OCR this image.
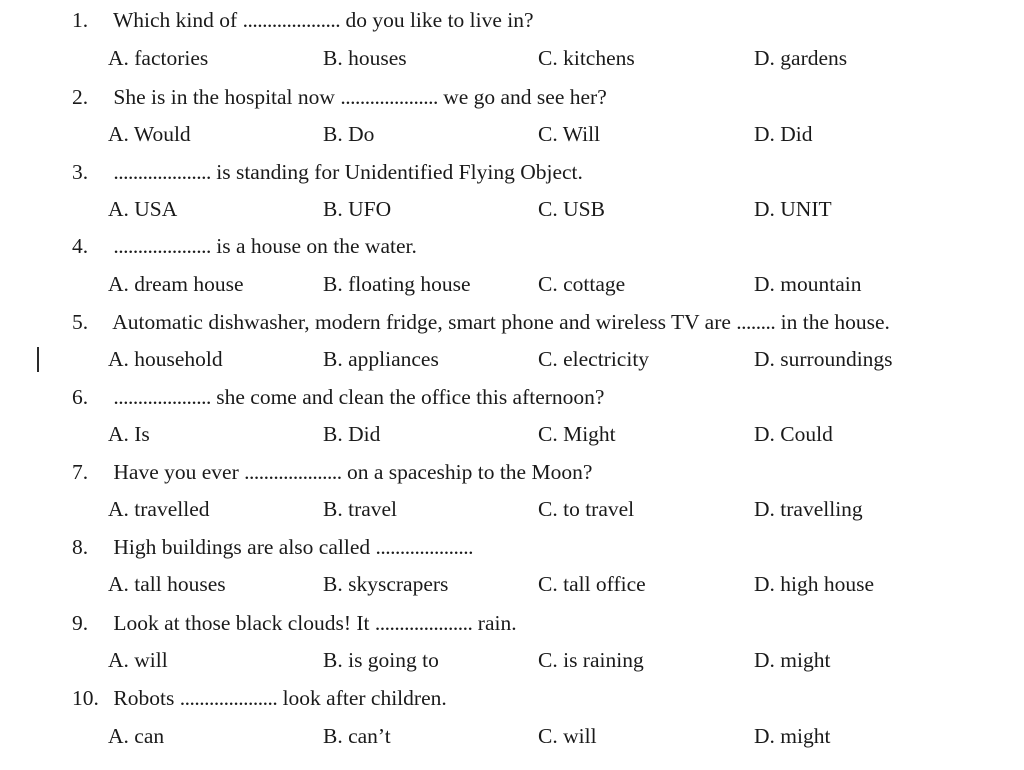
1. Which kind of .................... do you like to live in?
A. factories	B. houses	C. kitchens	D. gardens
2. She is in the hospital now .................... we go and see her?
A. Would	B. Do	C. Will	D. Did
3. .................... is standing for Unidentified Flying Object.
A. USA	B. UFO	C. USB	D. UNIT
4. .................... is a house on the water.
A. dream house	B. floating house	C. cottage	D. mountain
5. Automatic dishwasher, modern fridge, smart phone and wireless TV are ........ in the house.
A. household	B. appliances	C. electricity	D. surroundings
6. .................... she come and clean the office this afternoon?
A. Is	B. Did	C. Might	D. Could
7. Have you ever .................... on a spaceship to the Moon?
A. travelled	B. travel	C. to travel	D. travelling
8. High buildings are also called ....................
A. tall houses	B. skyscrapers	C. tall office	D. high house
9. Look at those black clouds! It .................... rain.
A. will	B. is going to	C. is raining	D. might
10. Robots .................... look after children.
A. can	B. can’t	C. will	D. might
